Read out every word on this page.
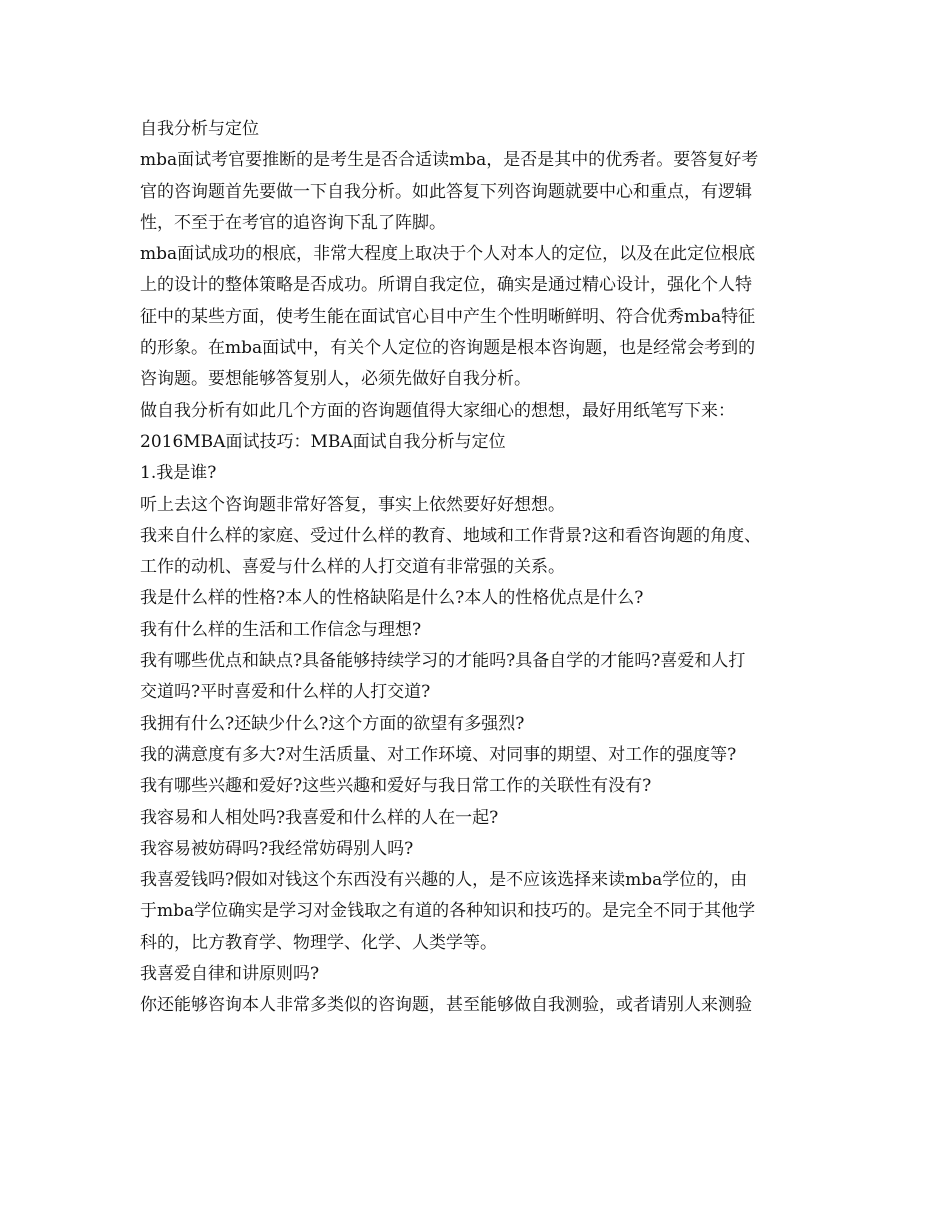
自我分析与定位
mba面试考官要推断的是考生是否合适读mba，是否是其中的优秀者。要答复好考
官的咨询题首先要做一下自我分析。如此答复下列咨询题就要中心和重点，有逻辑
性，不至于在考官的追咨询下乱了阵脚。
mba面试成功的根底，非常大程度上取决于个人对本人的定位，以及在此定位根底
上的设计的整体策略是否成功。所谓自我定位，确实是通过精心设计，强化个人特
征中的某些方面，使考生能在面试官心目中产生个性明晰鲜明、符合优秀mba特征
的形象。在mba面试中，有关个人定位的咨询题是根本咨询题，也是经常会考到的
咨询题。要想能够答复别人，必须先做好自我分析。
做自我分析有如此几个方面的咨询题值得大家细心的想想，最好用纸笔写下来：
2016MBA面试技巧：MBA面试自我分析与定位
1.我是谁?
听上去这个咨询题非常好答复，事实上依然要好好想想。
我来自什么样的家庭、受过什么样的教育、地域和工作背景?这和看咨询题的角度、
工作的动机、喜爱与什么样的人打交道有非常强的关系。
我是什么样的性格?本人的性格缺陷是什么?本人的性格优点是什么?
我有什么样的生活和工作信念与理想?
我有哪些优点和缺点?具备能够持续学习的才能吗?具备自学的才能吗?喜爱和人打
交道吗?平时喜爱和什么样的人打交道?
我拥有什么?还缺少什么?这个方面的欲望有多强烈?
我的满意度有多大?对生活质量、对工作环境、对同事的期望、对工作的强度等?
我有哪些兴趣和爱好?这些兴趣和爱好与我日常工作的关联性有没有?
我容易和人相处吗?我喜爱和什么样的人在一起?
我容易被妨碍吗?我经常妨碍别人吗?
我喜爱钱吗?假如对钱这个东西没有兴趣的人，是不应该选择来读mba学位的，由
于mba学位确实是学习对金钱取之有道的各种知识和技巧的。是完全不同于其他学
科的，比方教育学、物理学、化学、人类学等。
我喜爱自律和讲原则吗?
你还能够咨询本人非常多类似的咨询题，甚至能够做自我测验，或者请别人来测验
